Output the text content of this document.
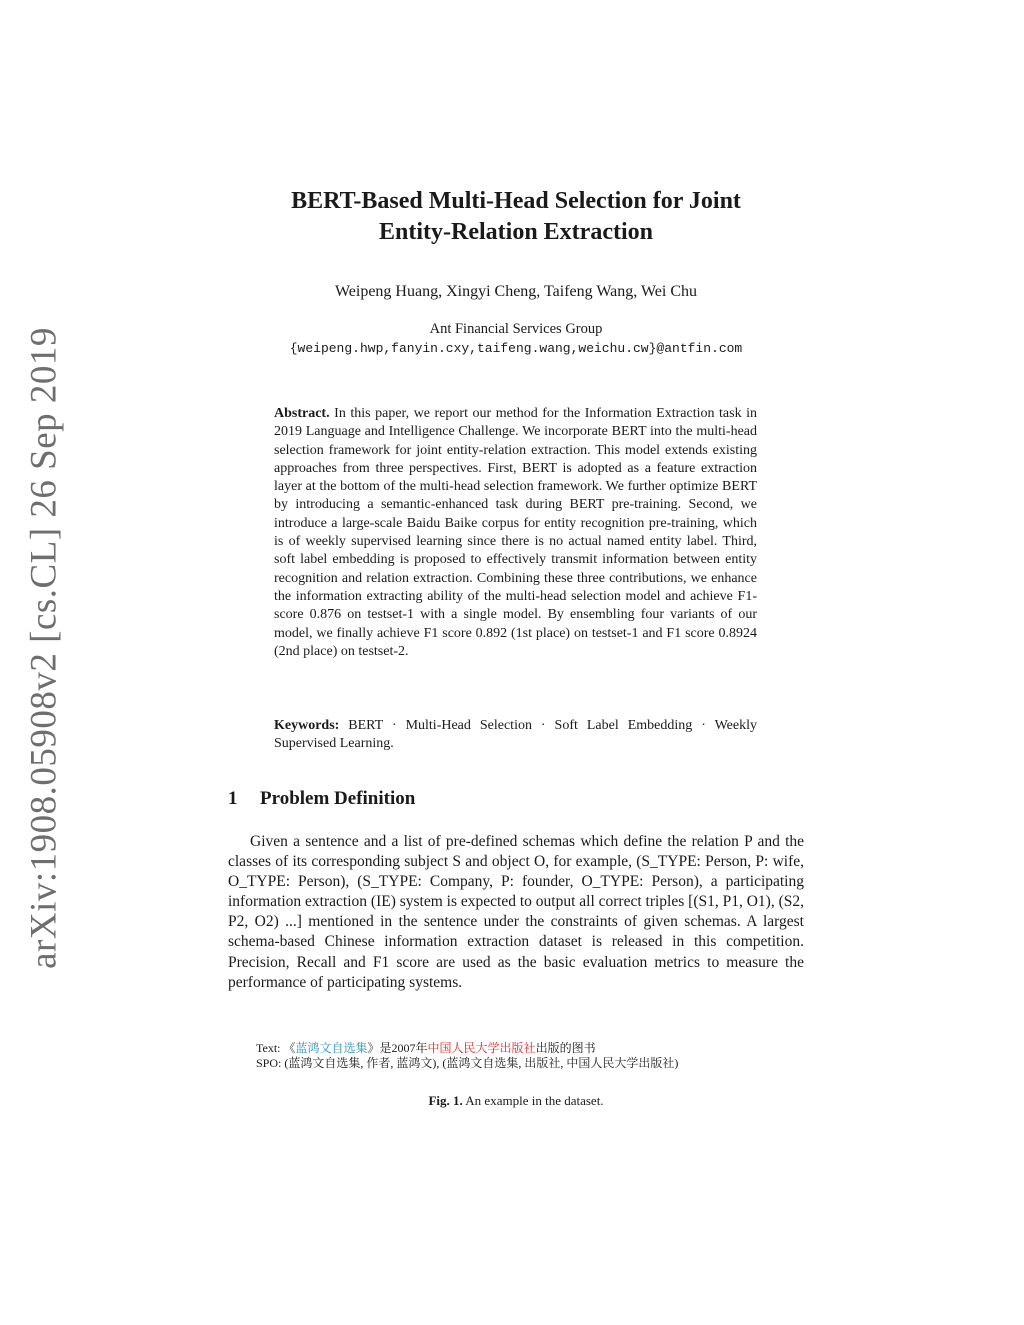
arXiv:1908.05908v2 [cs.CL] 26 Sep 2019
BERT-Based Multi-Head Selection for Joint
Entity-Relation Extraction
Weipeng Huang, Xingyi Cheng, Taifeng Wang, Wei Chu
Ant Financial Services Group
{weipeng.hwp,fanyin.cxy,taifeng.wang,weichu.cw}@antfin.com
Abstract. In this paper, we report our method for the Information Extraction task in 2019 Language and Intelligence Challenge. We incorporate BERT into the multi-head selection framework for joint entity-relation extraction. This model extends existing approaches from three perspectives. First, BERT is adopted as a feature extraction layer at the bottom of the multi-head selection framework. We further optimize BERT by introducing a semantic-enhanced task during BERT pre-training. Second, we introduce a large-scale Baidu Baike corpus for entity recognition pre-training, which is of weekly supervised learning since there is no actual named entity label. Third, soft label embedding is proposed to effectively transmit information between entity recognition and relation extraction. Combining these three contributions, we enhance the information extracting ability of the multi-head selection model and achieve F1-score 0.876 on testset-1 with a single model. By ensembling four variants of our model, we finally achieve F1 score 0.892 (1st place) on testset-1 and F1 score 0.8924 (2nd place) on testset-2.
Keywords: BERT · Multi-Head Selection · Soft Label Embedding · Weekly Supervised Learning.
1 Problem Definition
Given a sentence and a list of pre-defined schemas which define the relation P and the classes of its corresponding subject S and object O, for example, (S_TYPE: Person, P: wife, O_TYPE: Person), (S_TYPE: Company, P: founder, O_TYPE: Person), a participating information extraction (IE) system is expected to output all correct triples [(S1, P1, O1), (S2, P2, O2) ...] mentioned in the sentence under the constraints of given schemas. A largest schema-based Chinese information extraction dataset is released in this competition. Precision, Recall and F1 score are used as the basic evaluation metrics to measure the performance of participating systems.
Text: 《蓝鸿文自选集》是2007年中国人民大学出版社出版的图书
SPO: (蓝鸿文自选集, 作者, 蓝鸿文), (蓝鸿文自选集, 出版社, 中国人民大学出版社)
Fig. 1. An example in the dataset.
